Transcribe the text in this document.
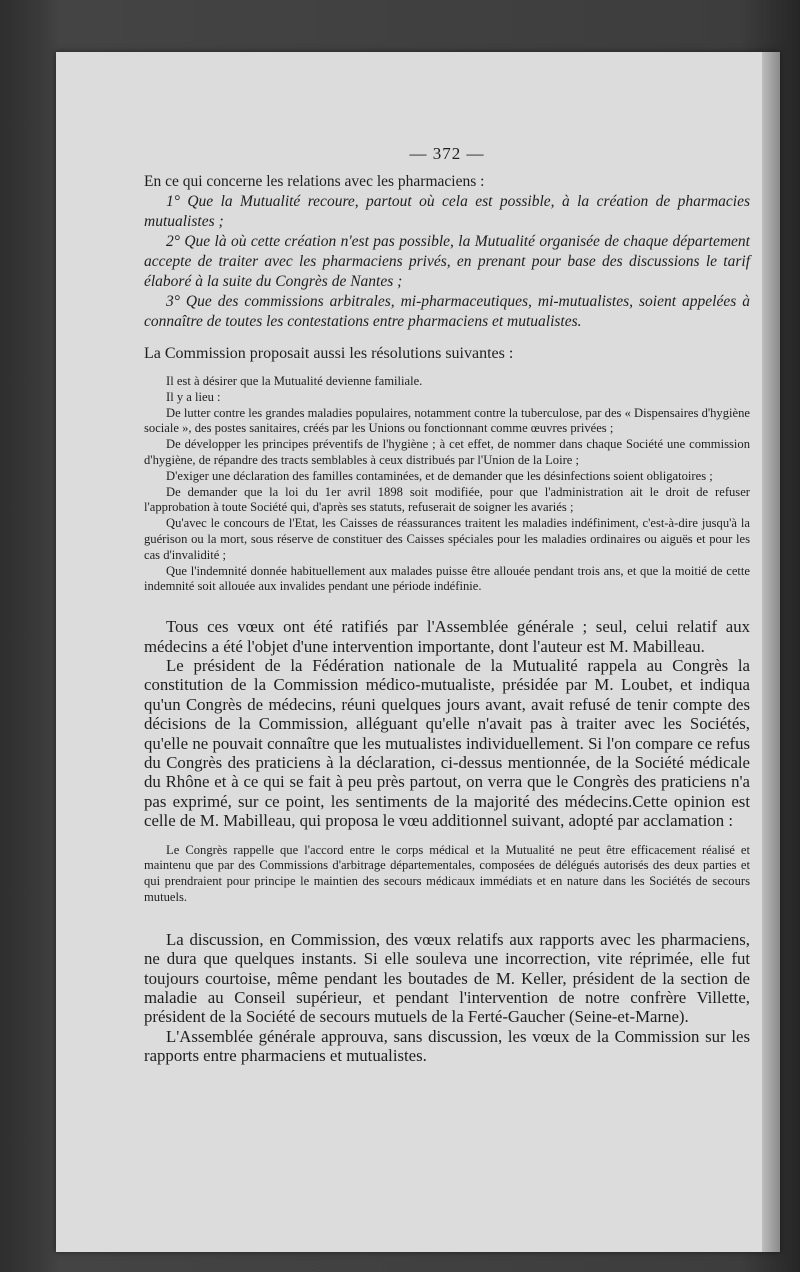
— 372 —

En ce qui concerne les relations avec les pharmaciens :

1° Que la Mutualité recoure, partout où cela est possible, à la création de pharmacies mutualistes ;

2° Que là où cette création n'est pas possible, la Mutualité organisée de chaque département accepte de traiter avec les pharmaciens privés, en prenant pour base des discussions le tarif élaboré à la suite du Congrès de Nantes ;

3° Que des commissions arbitrales, mi-pharmaceutiques, mi-mutualistes, soient appelées à connaître de toutes les contestations entre pharmaciens et mutualistes.

La Commission proposait aussi les résolutions suivantes :

Il est à désirer que la Mutualité devienne familiale.

Il y a lieu :

De lutter contre les grandes maladies populaires, notamment contre la tuberculose, par des « Dispensaires d'hygiène sociale », des postes sanitaires, créés par les Unions ou fonctionnant comme œuvres privées ;

De développer les principes préventifs de l'hygiène ; à cet effet, de nommer dans chaque Société une commission d'hygiène, de répandre des tracts semblables à ceux distribués par l'Union de la Loire ;

D'exiger une déclaration des familles contaminées, et de demander que les désinfections soient obligatoires ;

De demander que la loi du 1er avril 1898 soit modifiée, pour que l'administration ait le droit de refuser l'approbation à toute Société qui, d'après ses statuts, refuserait de soigner les avariés ;

Qu'avec le concours de l'Etat, les Caisses de réassurances traitent les maladies indéfiniment, c'est-à-dire jusqu'à la guérison ou la mort, sous réserve de constituer des Caisses spéciales pour les maladies ordinaires ou aiguës et pour les cas d'invalidité ;

Que l'indemnité donnée habituellement aux malades puisse être allouée pendant trois ans, et que la moitié de cette indemnité soit allouée aux invalides pendant une période indéfinie.

Tous ces vœux ont été ratifiés par l'Assemblée générale ; seul, celui relatif aux médecins a été l'objet d'une intervention importante, dont l'auteur est M. Mabilleau.

Le président de la Fédération nationale de la Mutualité rappela au Congrès la constitution de la Commission médico-mutualiste, présidée par M. Loubet, et indiqua qu'un Congrès de médecins, réuni quelques jours avant, avait refusé de tenir compte des décisions de la Commission, alléguant qu'elle n'avait pas à traiter avec les Sociétés, qu'elle ne pouvait connaître que les mutualistes individuellement. Si l'on compare ce refus du Congrès des praticiens à la déclaration, ci-dessus mentionnée, de la Société médicale du Rhône et à ce qui se fait à peu près partout, on verra que le Congrès des praticiens n'a pas exprimé, sur ce point, les sentiments de la majorité des médecins.Cette opinion est celle de M. Mabilleau, qui proposa le vœu additionnel suivant, adopté par acclamation :

Le Congrès rappelle que l'accord entre le corps médical et la Mutualité ne peut être efficacement réalisé et maintenu que par des Commissions d'arbitrage départementales, composées de délégués autorisés des deux parties et qui prendraient pour principe le maintien des secours médicaux immédiats et en nature dans les Sociétés de secours mutuels.

La discussion, en Commission, des vœux relatifs aux rapports avec les pharmaciens, ne dura que quelques instants. Si elle souleva une incorrection, vite réprimée, elle fut toujours courtoise, même pendant les boutades de M. Keller, président de la section de maladie au Conseil supérieur, et pendant l'intervention de notre confrère Villette, président de la Société de secours mutuels de la Ferté-Gaucher (Seine-et-Marne).

L'Assemblée générale approuva, sans discussion, les vœux de la Commission sur les rapports entre pharmaciens et mutualistes.
